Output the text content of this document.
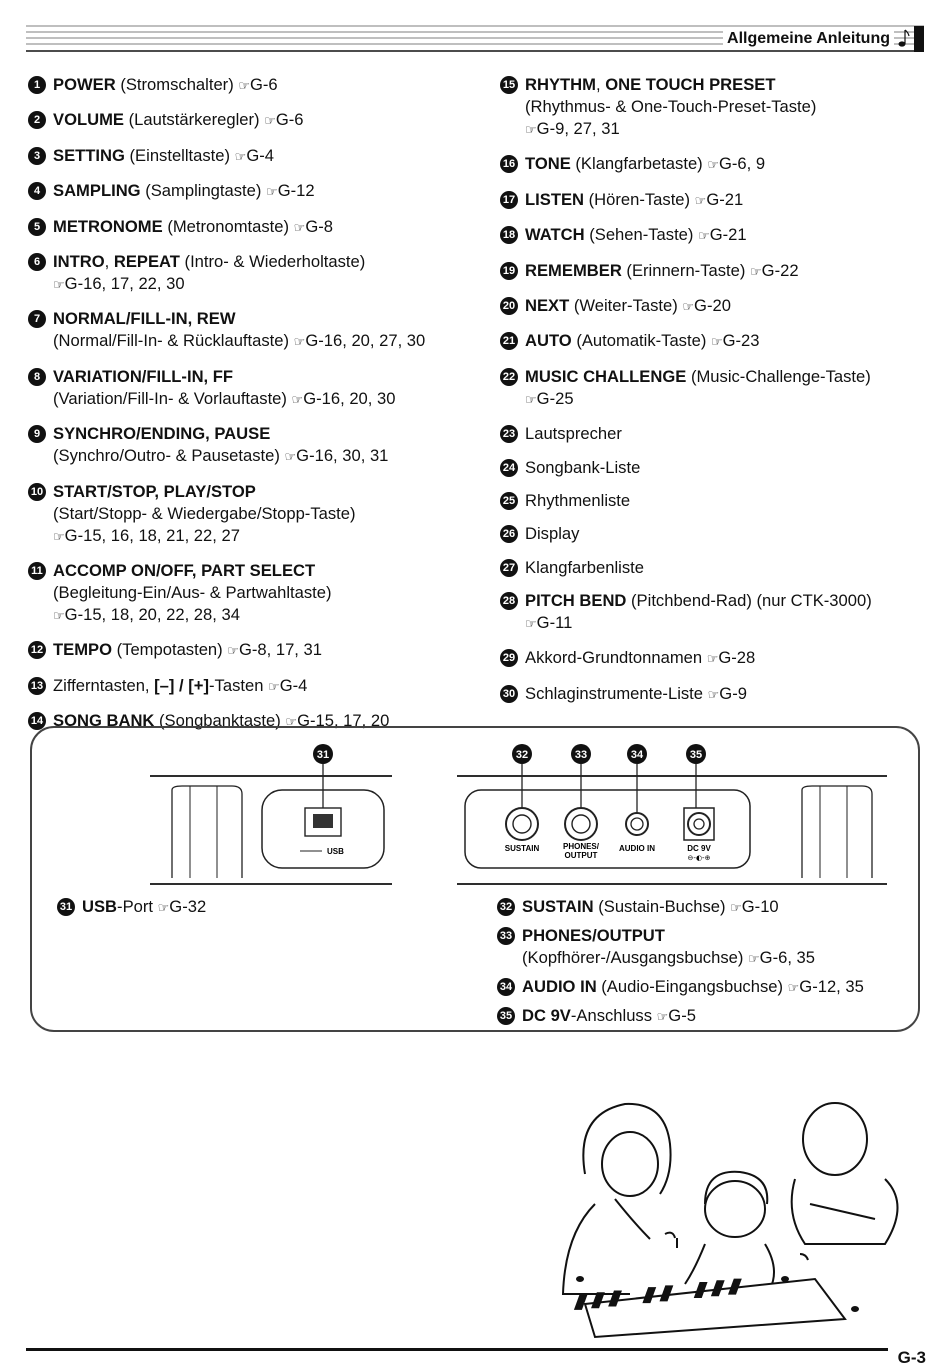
Allgemeine Anleitung
1 POWER (Stromschalter) ☞G-6
2 VOLUME (Lautstärkeregler) ☞G-6
3 SETTING (Einstelltaste) ☞G-4
4 SAMPLING (Samplingtaste) ☞G-12
5 METRONOME (Metronomtaste) ☞G-8
6 INTRO, REPEAT (Intro- & Wiederholtaste)
☞G-16, 17, 22, 30
7 NORMAL/FILL-IN, REW
(Normal/Fill-In- & Rücklauftaste) ☞G-16, 20, 27, 30
8 VARIATION/FILL-IN, FF
(Variation/Fill-In- & Vorlauftaste) ☞G-16, 20, 30
9 SYNCHRO/ENDING, PAUSE
(Synchro/Outro- & Pausetaste) ☞G-16, 30, 31
10 START/STOP, PLAY/STOP
(Start/Stopp- & Wiedergabe/Stopp-Taste)
☞G-15, 16, 18, 21, 22, 27
11 ACCOMP ON/OFF, PART SELECT
(Begleitung-Ein/Aus- & Partwahltaste)
☞G-15, 18, 20, 22, 28, 34
12 TEMPO (Tempotasten) ☞G-8, 17, 31
13 Zifferntasten, [–] / [+]-Tasten ☞G-4
14 SONG BANK (Songbanktaste) ☞G-15, 17, 20
15 RHYTHM, ONE TOUCH PRESET
(Rhythmus- & One-Touch-Preset-Taste)
☞G-9, 27, 31
16 TONE (Klangfarbetaste) ☞G-6, 9
17 LISTEN (Hören-Taste) ☞G-21
18 WATCH (Sehen-Taste) ☞G-21
19 REMEMBER (Erinnern-Taste) ☞G-22
20 NEXT (Weiter-Taste) ☞G-20
21 AUTO (Automatik-Taste) ☞G-23
22 MUSIC CHALLENGE (Music-Challenge-Taste)
☞G-25
23 Lautsprecher
24 Songbank-Liste
25 Rhythmenliste
26 Display
27 Klangfarbenliste
28 PITCH BEND (Pitchbend-Rad) (nur CTK-3000)
☞G-11
29 Akkord-Grundtonnamen ☞G-28
30 Schlaginstrumente-Liste ☞G-9
USB	SUSTAIN	PHONES/
OUTPUT
AUDIO IN	DC 9V
⊖-◐-⊕
31	32	33	34	35
31 USB-Port ☞G-32	32 SUSTAIN (Sustain-Buchse) ☞G-10
33 PHONES/OUTPUT
(Kopfhörer-/Ausgangsbuchse) ☞G-6, 35
34 AUDIO IN (Audio-Eingangsbuchse) ☞G-12, 35
35 DC 9V-Anschluss ☞G-5
G-3
